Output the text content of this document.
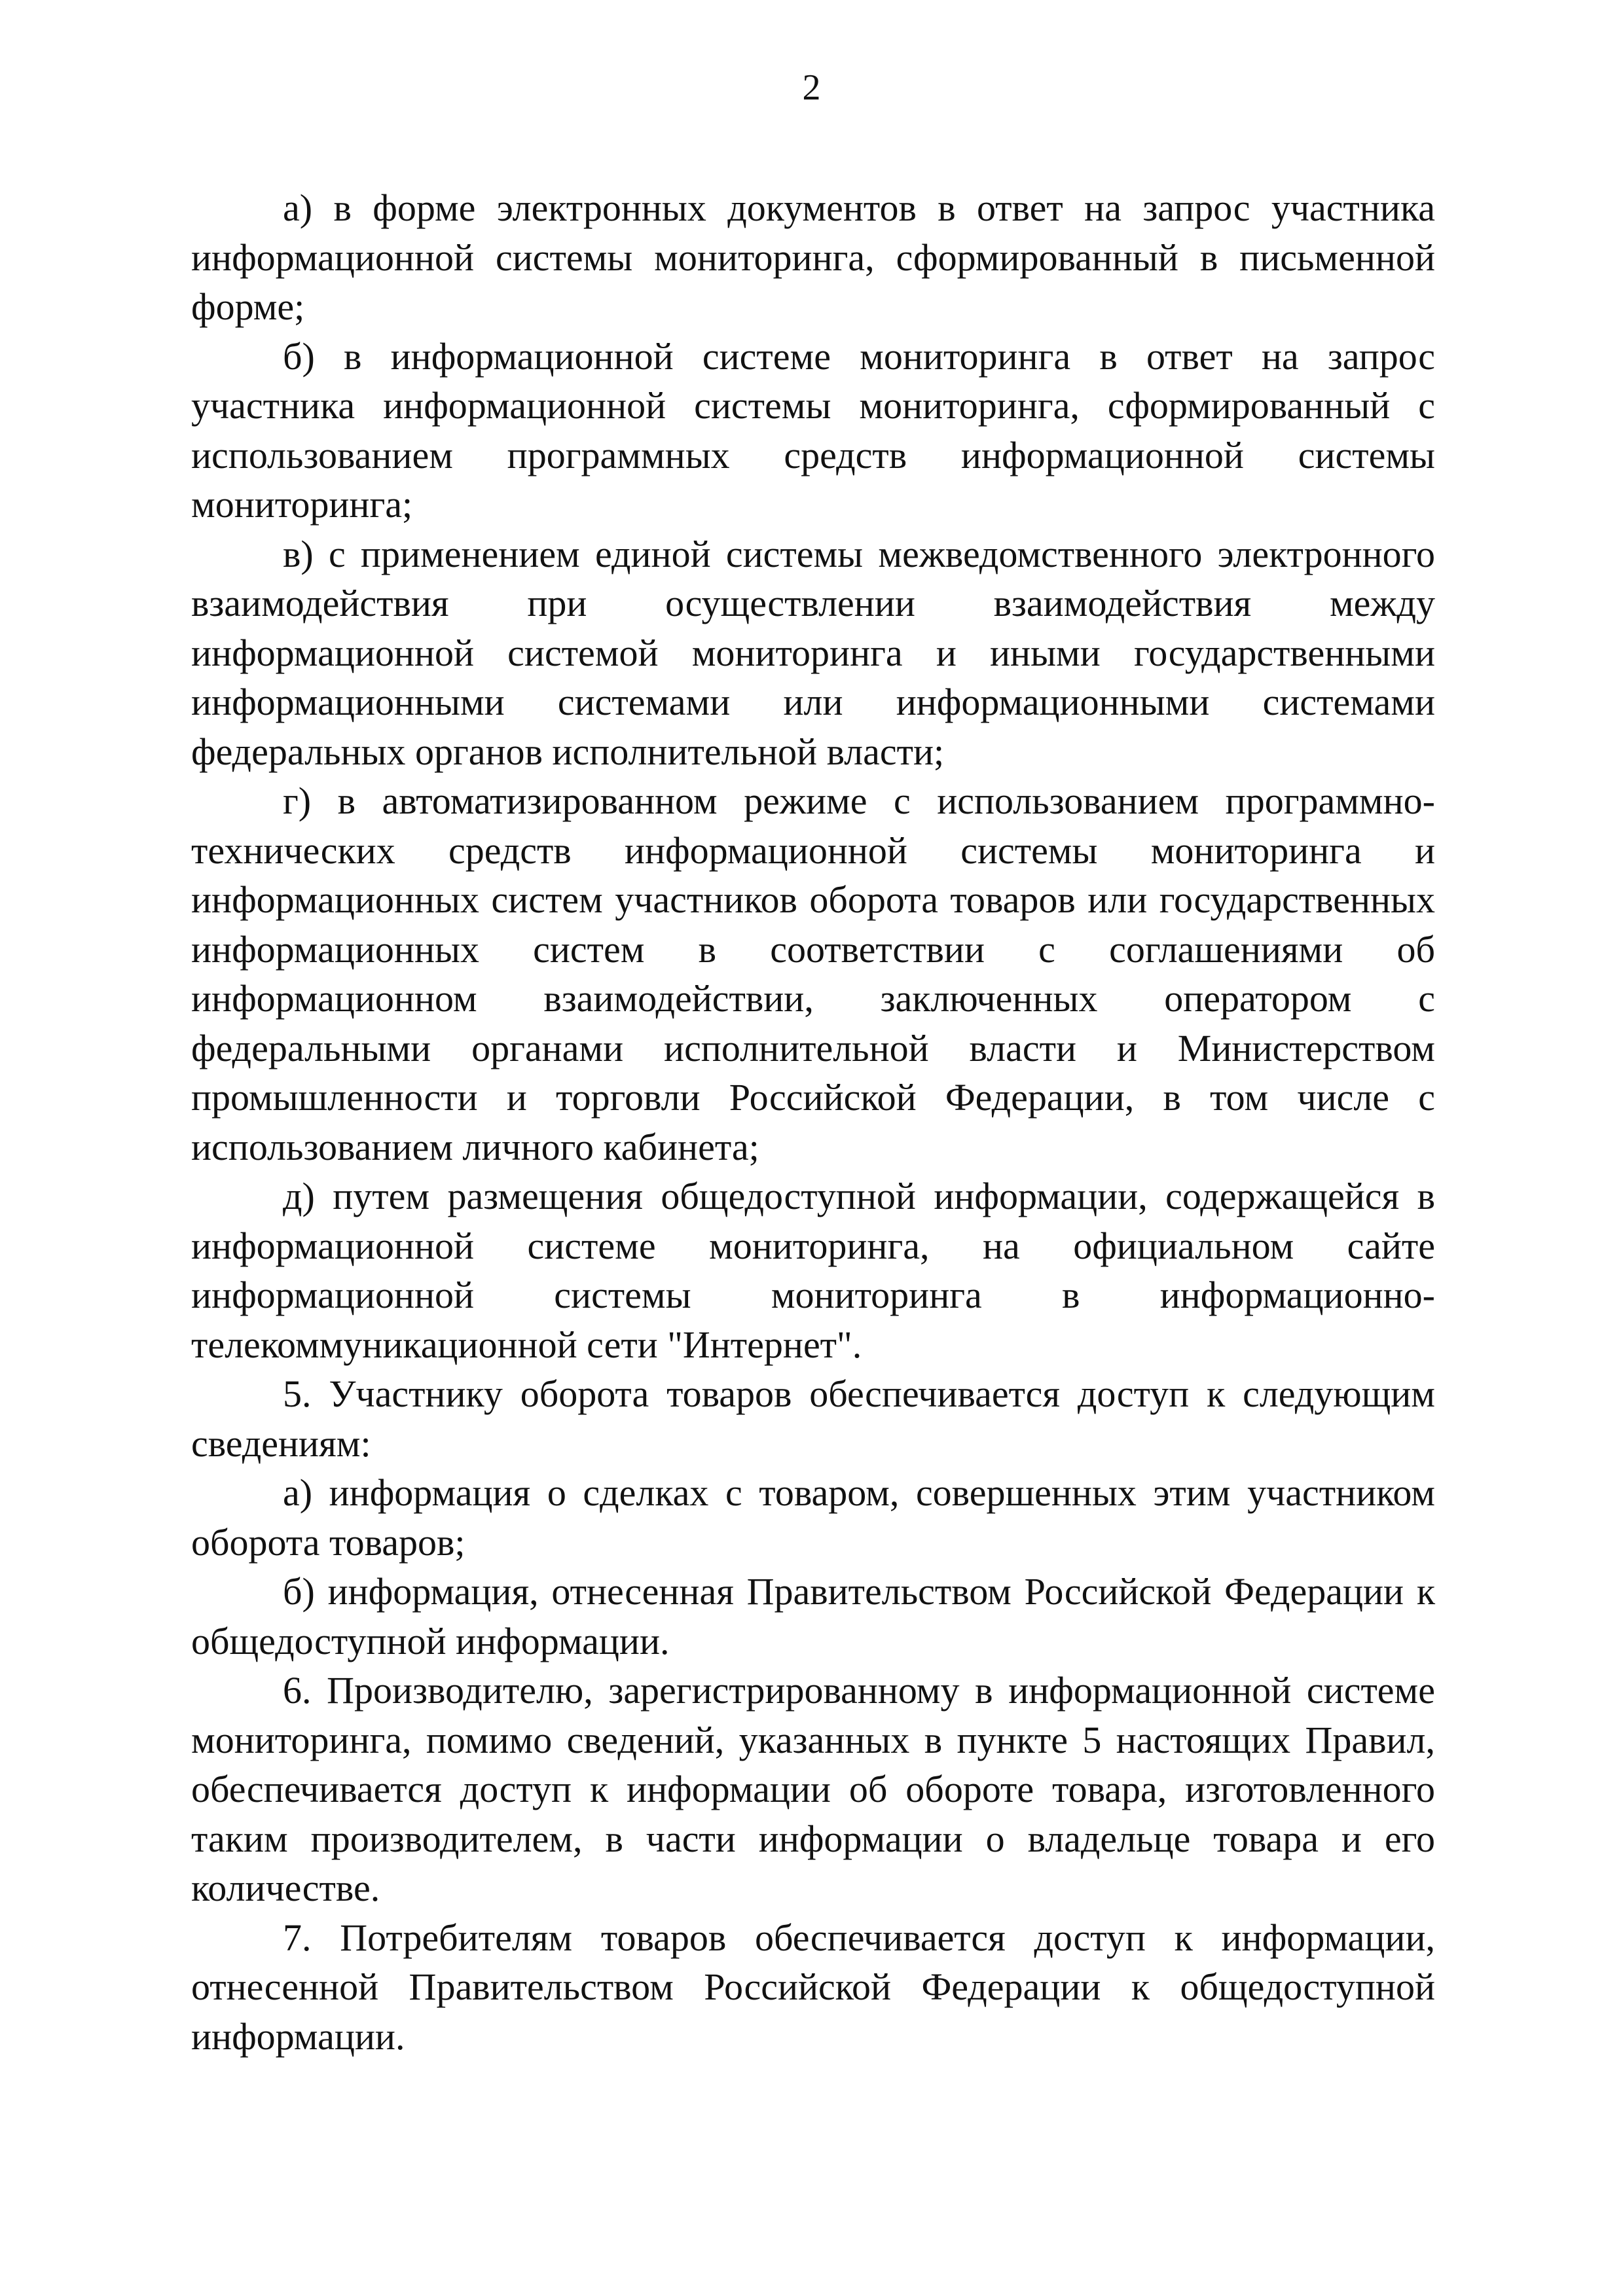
2

а) в форме электронных документов в ответ на запрос участника информационной системы мониторинга, сформированный в письменной форме;

б) в информационной системе мониторинга в ответ на запрос участника информационной системы мониторинга, сформированный с использованием программных средств информационной системы мониторинга;

в) с применением единой системы межведомственного электронного взаимодействия при осуществлении взаимодействия между информационной системой мониторинга и иными государственными информационными системами или информационными системами федеральных органов исполнительной власти;

г) в автоматизированном режиме с использованием программно-технических средств информационной системы мониторинга и информационных систем участников оборота товаров или государственных информационных систем в соответствии с соглашениями об информационном взаимодействии, заключенных оператором с федеральными органами исполнительной власти и Министерством промышленности и торговли Российской Федерации, в том числе с использованием личного кабинета;

д) путем размещения общедоступной информации, содержащейся в информационной системе мониторинга, на официальном сайте информационной системы мониторинга в информационно-телекоммуникационной сети "Интернет".

5. Участнику оборота товаров обеспечивается доступ к следующим сведениям:

а) информация о сделках с товаром, совершенных этим участником оборота товаров;

б) информация, отнесенная Правительством Российской Федерации к общедоступной информации.

6. Производителю, зарегистрированному в информационной системе мониторинга, помимо сведений, указанных в пункте 5 настоящих Правил, обеспечивается доступ к информации об обороте товара, изготовленного таким производителем, в части информации о владельце товара и его количестве.

7. Потребителям товаров обеспечивается доступ к информации, отнесенной Правительством Российской Федерации к общедоступной информации.
